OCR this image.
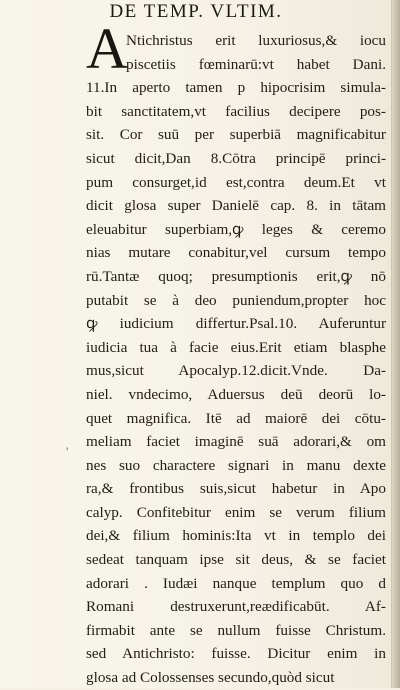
DE TEMP. VLTIM.
A
'
Ntichristus erit luxuriosus,& iocu
piscetiis fœminarū:vt habet Dani.
11.In aperto tamen p hipocrisim simula-
bit sanctitatem,vt facilius decipere pos-
sit. Cor suū per superbiā magnificabitur
sicut dicit,Dan 8.Cōtra principē princi-
pum consurget,id est,contra deum.Et vt
dicit glosa super Danielē cap. 8. in tātam
eleuabitur superbiam,ꝙ leges & ceremo
nias mutare conabitur,vel cursum tempo
rū.Tantæ quoq; presumptionis erit,ꝙ nō
putabit se à deo puniendum,propter hoc
ꝙ iudicium differtur.Psal.10. Auferuntur
iudicia tua à facie eius.Erit etiam blasphe
mus,sicut Apocalyp.12.dicit.Vnde. Da-
niel. vndecimo, Aduersus deū deorū lo-
quet magnifica. Itē ad maiorē dei cōtu-
meliam faciet imaginē suā adorari,& om
nes suo charactere signari in manu dexte
ra,& frontibus suis,sicut habetur in Apo
calyp. Confitebitur enim se verum filium
dei,& filium hominis:Ita vt in templo dei
sedeat tanquam ipse sit deus, & se faciet
adorari . Iudæi nanque templum quo d
Romani destruxerunt,reædificabūt. Af-
firmabit ante se nullum fuisse Christum.
sed Antichristo: fuisse. Dicitur enim in
glosa ad Colossenses secundo,quòd sicut
